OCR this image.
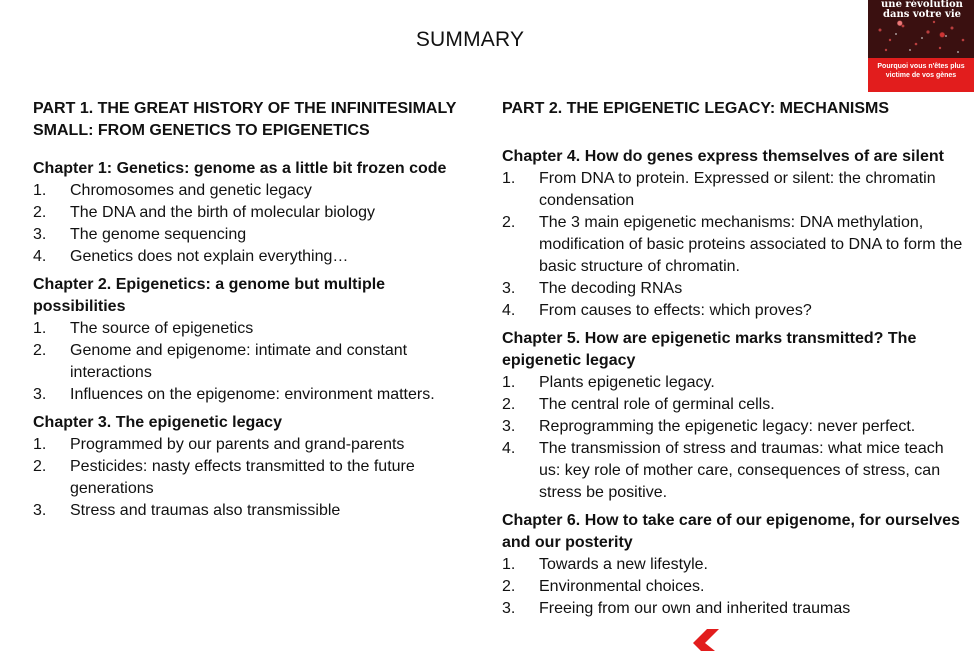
SUMMARY
une révolution dans votre vie
Pourquoi vous n'êtes plus victime de vos gènes
PART 1. THE GREAT HISTORY OF THE INFINITESIMALY SMALL: FROM GENETICS TO EPIGENETICS
Chapter 1: Genetics: genome as a little bit frozen code
1. Chromosomes and genetic legacy
2. The DNA and the birth of molecular biology
3. The genome sequencing
4. Genetics does not explain everything…
Chapter 2. Epigenetics: a genome but multiple possibilities
1. The source of epigenetics
2. Genome and epigenome: intimate and constant interactions
3. Influences on the epigenome: environment matters.
Chapter 3. The epigenetic legacy
1. Programmed by our parents and grand-parents
2. Pesticides: nasty effects transmitted to the future generations
3. Stress and traumas also transmissible
PART 2. THE EPIGENETIC LEGACY: MECHANISMS
Chapter 4. How do genes express themselves of are silent
1. From DNA to protein. Expressed or silent: the chromatin condensation
2. The 3 main epigenetic mechanisms: DNA methylation, modification of basic proteins associated to DNA to form the basic structure of chromatin.
3. The decoding RNAs
4. From causes to effects: which proves?
Chapter 5. How are epigenetic marks transmitted? The epigenetic legacy
1. Plants epigenetic legacy.
2. The central role of germinal cells.
3. Reprogramming the epigenetic legacy: never perfect.
4. The transmission of stress and traumas: what mice teach us: key role of mother care, consequences of stress, can stress be positive.
Chapter 6. How to take care of our epigenome, for ourselves and our posterity
1. Towards a new lifestyle.
2. Environmental choices.
3. Freeing from our own and inherited traumas
